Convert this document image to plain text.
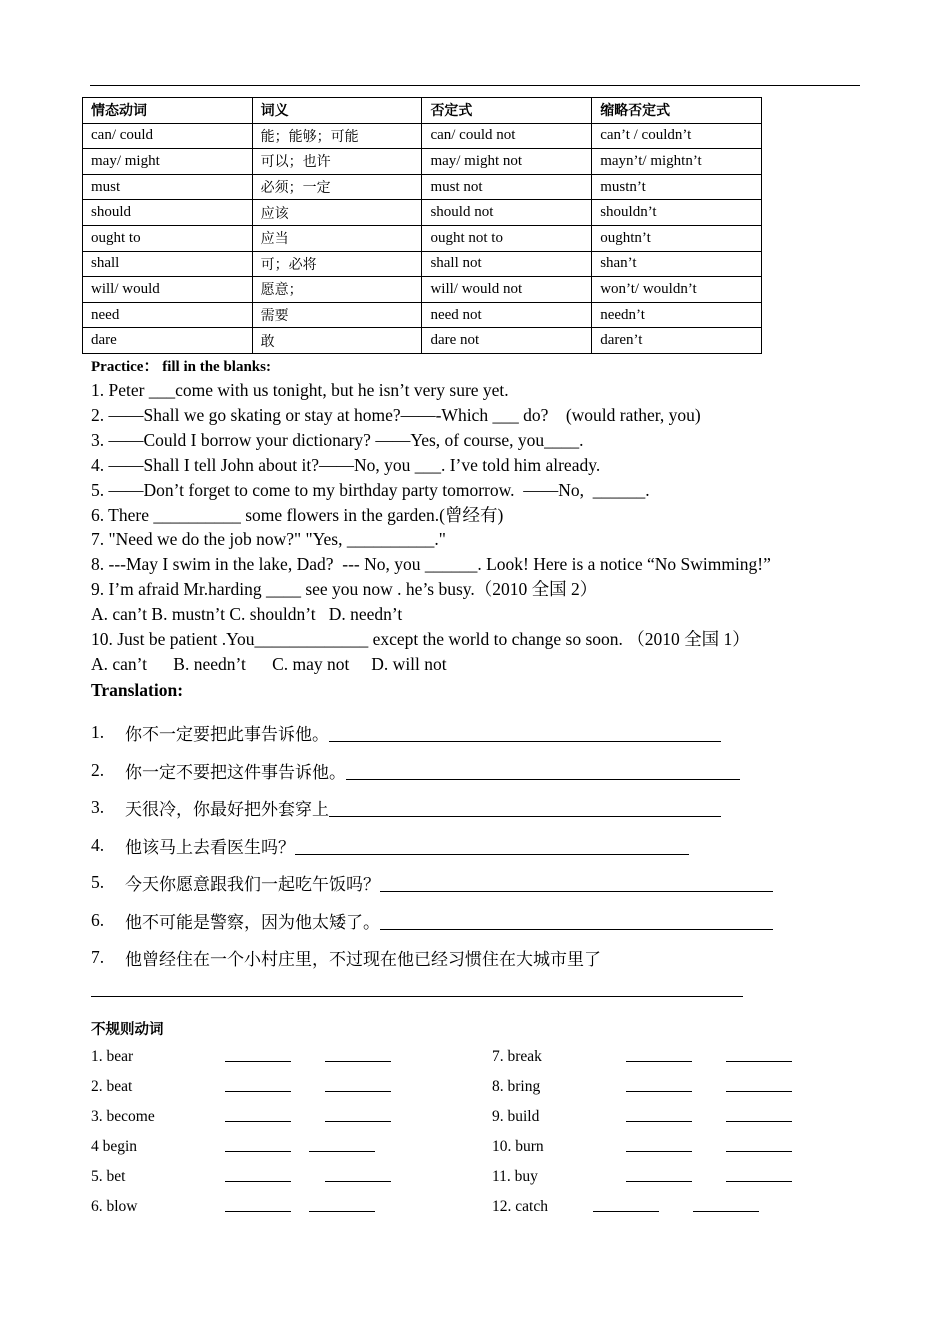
情态动词	词义	否定式	缩略否定式
can/ could	能；能够；可能	can/ could not	can’t / couldn’t
may/ might	可以；也许	may/ might not	mayn’t/ mightn’t
must	必须；一定	must not	mustn’t
should	应该	should not	shouldn’t
ought to	应当	ought not to	oughtn’t
shall	可；必将	shall not	shan’t
will/ would	愿意；	will/ would not	won’t/ wouldn’t
need	需要	need not	needn’t
dare	敢	dare not	daren’t
Practice： fill in the blanks:
1. Peter ___come with us tonight, but he isn’t very sure yet.
2. ——Shall we go skating or stay at home?——-Which ___ do?    (would rather, you)
3. ——Could I borrow your dictionary? ——Yes, of course, you____.
4. ——Shall I tell John about it?——No, you ___. I’ve told him already.
5. ——Don’t forget to come to my birthday party tomorrow.  ——No,  ______.
6. There __________ some flowers in the garden.(曾经有)
7. "Need we do the job now?" "Yes, __________."
8. ---May I swim in the lake, Dad?  --- No, you ______. Look! Here is a notice “No Swimming!”
9. I’m afraid Mr.harding ____ see you now . he’s busy.（2010 全国 2）
A. can’t B. mustn’t C. shouldn’t   D. needn’t
10. Just be patient .You_____________ except the world to change so soon. （2010 全国 1）
A. can’t      B. needn’t      C. may not     D. will not
Translation:
1.	你不一定要把此事告诉他。
2.	你一定不要把这件事告诉他。
3.	天很冷，你最好把外套穿上
4.	他该马上去看医生吗？
5.	今天你愿意跟我们一起吃午饭吗？
6.	他不可能是警察，因为他太矮了。
7.	他曾经住在一个小村庄里，不过现在他已经习惯住在大城市里了
不规则动词
1. bear
2. beat
3. become
4 begin
5. bet
6. blow
7. break
8. bring
9. build
10. burn
11. buy
12. catch
